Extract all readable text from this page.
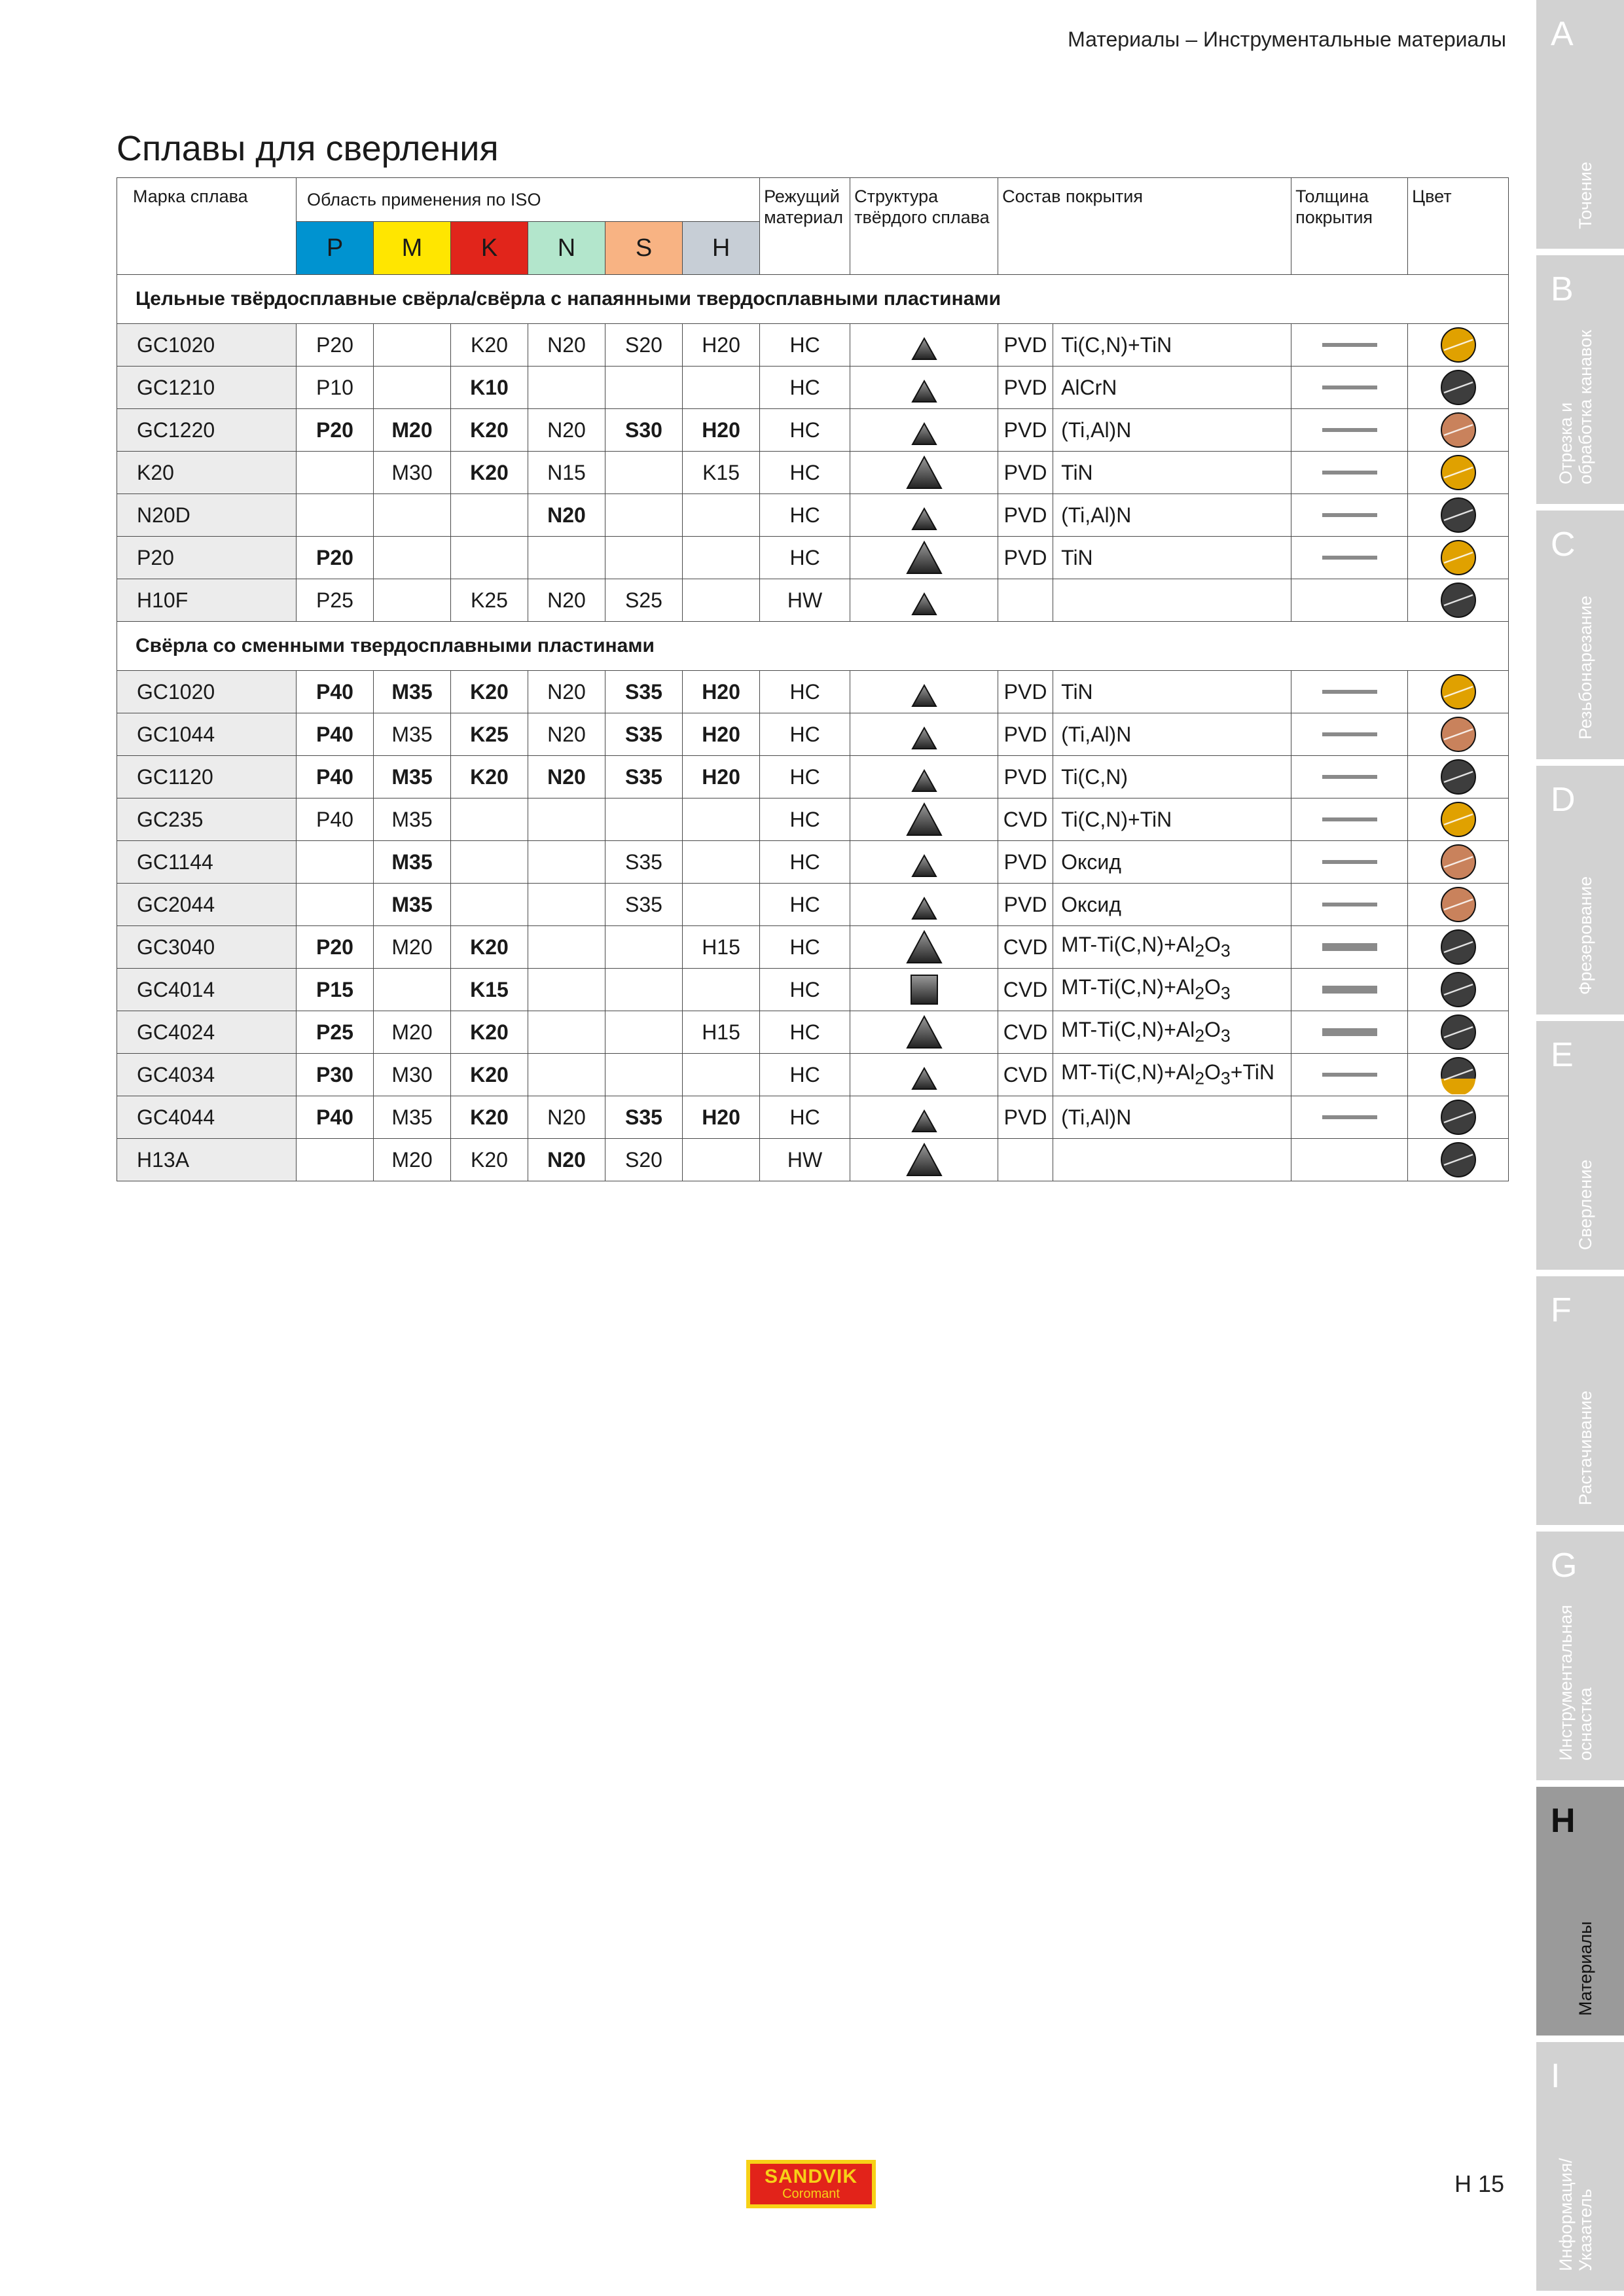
Материалы – Инструментальные материалы
Сплавы для сверления
Марка сплава	Область применения по ISO						Режущий материал	Структура твёрдого сплава	Состав покрытия		Толщина покрытия	Цвет
	P	M	K	N	S	H						
Цельные твёрдосплавные свёрла/свёрла с напаянными твердосплавными пластинами												
GC1020	P20		K20	N20	S20	H20	HC		PVD	Ti(C,N)+TiN	

GC1210	P10		K10				HC		PVD	AlCrN	

GC1220	P20	M20	K20	N20	S30	H20	HC		PVD	(Ti,Al)N	

K20		M30	K20	N15		K15	HC		PVD	TiN	

N20D				N20			HC		PVD	(Ti,Al)N	

P20	P20						HC		PVD	TiN	

H10F	P25		K25	N20	S25		HW	

Свёрла со сменными твердосплавными пластинами												
GC1020	P40	M35	K20	N20	S35	H20	HC		PVD	TiN	

GC1044	P40	M35	K25	N20	S35	H20	HC		PVD	(Ti,Al)N	

GC1120	P40	M35	K20	N20	S35	H20	HC		PVD	Ti(C,N)	

GC235	P40	M35					HC		CVD	Ti(C,N)+TiN	

GC1144		M35			S35		HC		PVD	Оксид	

GC2044		M35			S35		HC		PVD	Оксид	

GC3040	P20	M20	K20			H15	HC		CVD	$MT-Ti(C,N)+Al_2O_3$	

GC4014	P15		K15				HC		CVD	$MT-Ti(C,N)+Al_2O_3$	

GC4024	P25	M20	K20			H15	HC		CVD	$MT-Ti(C,N)+Al_2O_3$	

GC4034	P30	M30	K20				HC		CVD	$MT-Ti(C,N)+Al_2O_3+TiN$	

GC4044	P40	M35	K20	N20	S35	H20	HC		PVD	(Ti,Al)N	

H13A		M20	K20	N20	S20		HW	

A
Точение
B
Отрезка и
обработка канавок
C
Резьбонарезание
D
Фрезерование
E
Сверление
F
Растачивание
G
Инструментальная
оснастка
H
Материалы
I
Информация/
Указатель
SANDVIK
Coromant	H 15
